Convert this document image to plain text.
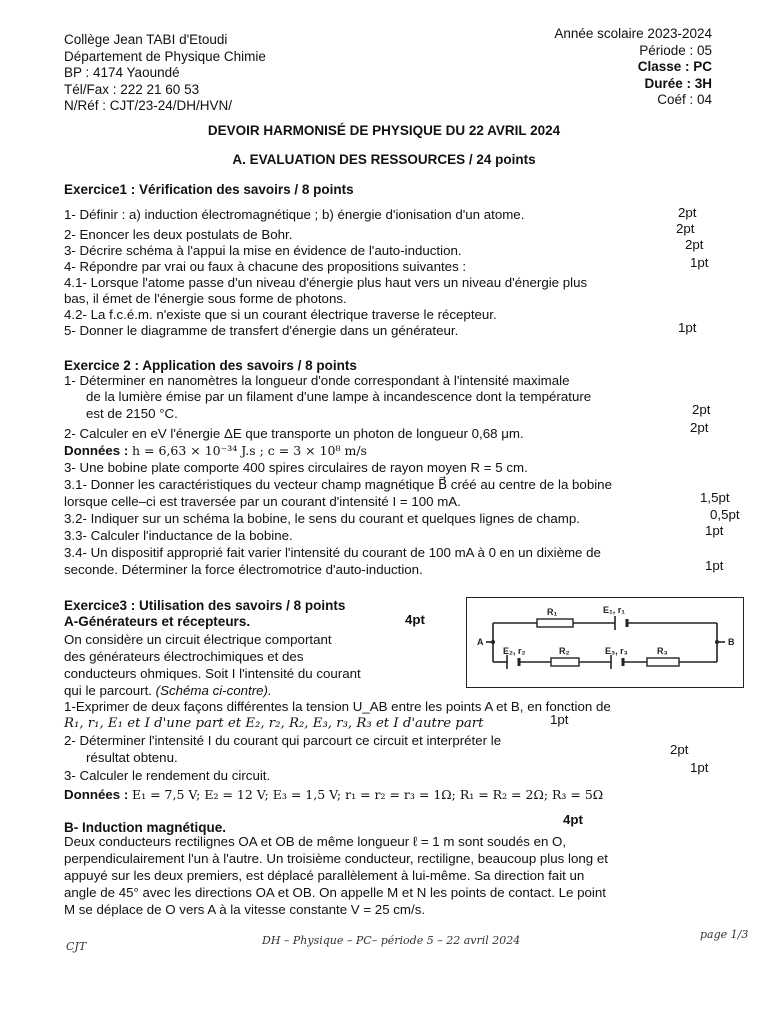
Collège Jean TABI d'Etoudi
Département de Physique Chimie
BP : 4174 Yaoundé
Tél/Fax : 222 21 60 53
N/Réf : CJT/23-24/DH/HVN/
Année scolaire 2023-2024
Période : 05
Classe : PC
Durée : 3H
Coéf : 04
DEVOIR HARMONISÉ DE PHYSIQUE DU 22 AVRIL 2024
A. EVALUATION DES RESSOURCES / 24 points
Exercice1 : Vérification des savoirs / 8 points
1- Définir : a) induction électromagnétique ; b) énergie d'ionisation d'un atome.	2pt
2- Enoncer les deux postulats de Bohr.	2pt
3- Décrire schéma à l'appui la mise en évidence de l'auto-induction.	2pt
4- Répondre par vrai ou faux à chacune des propositions suivantes :	1pt
4.1- Lorsque l'atome passe d'un niveau d'énergie plus haut vers un niveau d'énergie plus
bas, il émet de l'énergie sous forme de photons.
4.2- La f.c.é.m. n'existe que si un courant électrique traverse le récepteur.
5- Donner le diagramme de transfert d'énergie dans un générateur.	1pt
Exercice 2 : Application des savoirs / 8 points
1- Déterminer en nanomètres la longueur d'onde correspondant à l'intensité maximale
de la lumière émise par un filament d'une lampe à incandescence dont la température
est de 2150 °C.	2pt
2- Calculer en eV l'énergie ΔE que transporte un photon de longueur 0,68 μm.	2pt
Données : h = 6,63 × 10⁻³⁴ J.s ; c = 3 × 10⁸ m/s
3- Une bobine plate comporte 400 spires circulaires de rayon moyen R = 5 cm.
3.1- Donner les caractéristiques du vecteur champ magnétique B⃗ créé au centre de la bobine
lorsque celle–ci est traversée par un courant d'intensité I = 100 mA.	1,5pt
3.2- Indiquer sur un schéma la bobine, le sens du courant et quelques lignes de champ.	0,5pt
3.3- Calculer l'inductance de la bobine.	1pt
3.4- Un dispositif approprié fait varier l'intensité du courant de 100 mA à 0 en un dixième de
seconde. Déterminer la force électromotrice d'auto-induction.	1pt
Exercice3 : Utilisation des savoirs / 8 points
A-Générateurs et récepteurs.	4pt
On considère un circuit électrique comportant
des générateurs électrochimiques et des
conducteurs ohmiques. Soit I l'intensité du courant
qui le parcourt. (Schéma ci-contre).
A	B
R₁	E₁, r₁
E₂, r₂	R₂	E₃, r₃	R₃
1-Exprimer de deux façons différentes la tension U_AB entre les points A et B, en fonction de
R₁, r₁, E₁ et I d'une part et E₂, r₂, R₂, E₃, r₃, R₃ et I d'autre part	1pt
2- Déterminer l'intensité I du courant qui parcourt ce circuit et interpréter le
résultat obtenu.
2pt
3- Calculer le rendement du circuit.
1pt
Données : E₁ = 7,5 V; E₂ = 12 V; E₃ = 1,5 V; r₁ = r₂ = r₃ = 1Ω; R₁ = R₂ = 2Ω; R₃ = 5Ω
B- Induction magnétique.
4pt
Deux conducteurs rectilignes OA et OB de même longueur ℓ = 1 m sont soudés en O,
perpendiculairement l'un à l'autre. Un troisième conducteur, rectiligne, beaucoup plus long et
appuyé sur les deux premiers, est déplacé parallèlement à lui-même. Sa direction fait un
angle de 45° avec les directions OA et OB. On appelle M et N les points de contact. Le point
M se déplace de O vers A à la vitesse constante V = 25 cm/s.
CJT	DH – Physique – PC– période 5 – 22 avril 2024	page 1/3
